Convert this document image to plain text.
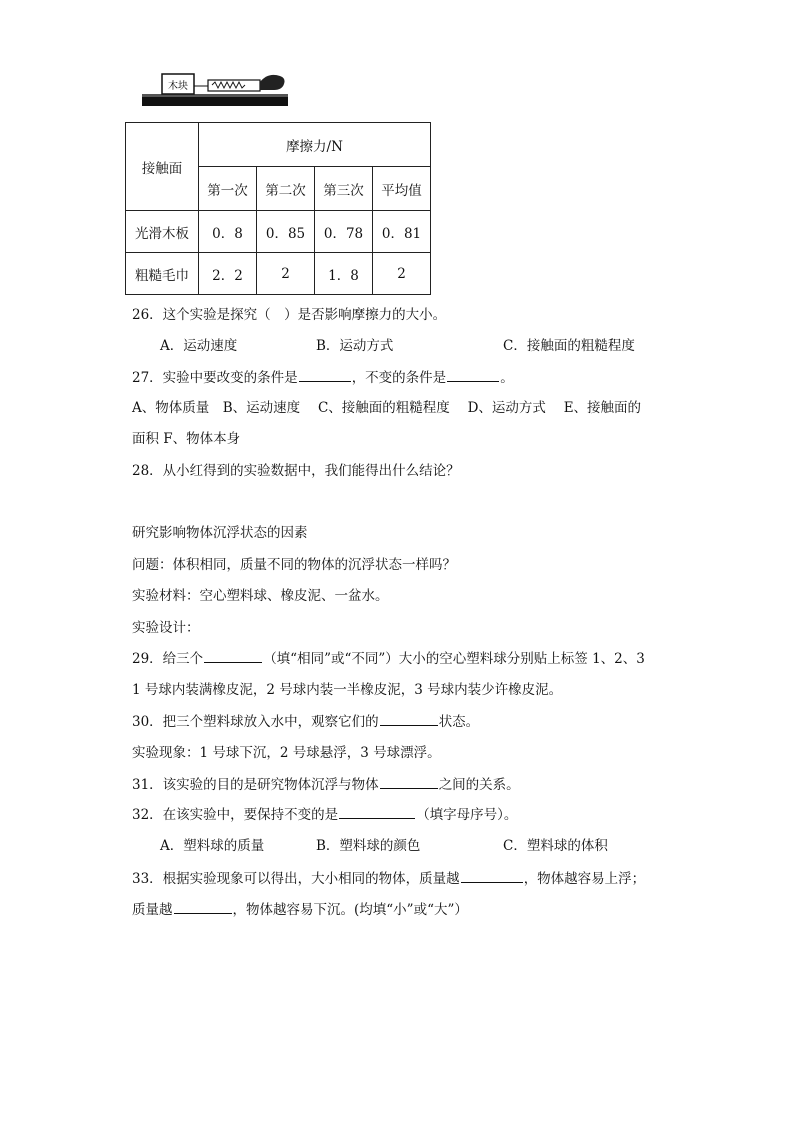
木块
接触面	摩擦力/N			
	第一次	第二次	第三次	平均值
光滑木板	0．8	0．85	0．78	0．81
粗糙毛巾	2．2	2	1．8	2
26．这个实验是探究（　）是否影响摩擦力的大小。
A．运动速度	B．运动方式	C．接触面的粗糙程度
27．实验中要改变的条件是	，不变的条件是	。
A、物体质量　B、运动速度　 C、接触面的粗糙程度　 D、运动方式　 E、接触面的
面积 F、物体本身
28．从小红得到的实验数据中，我们能得出什么结论？
研究影响物体沉浮状态的因素
问题：体积相同，质量不同的物体的沉浮状态一样吗？
实验材料：空心塑料球、橡皮泥、一盆水。
实验设计：
29．给三个	（填“相同”或“不同”）大小的空心塑料球分别贴上标签 1、2、3
1 号球内装满橡皮泥，2 号球内装一半橡皮泥，3 号球内装少许橡皮泥。
30．把三个塑料球放入水中，观察它们的	状态。
实验现象：1 号球下沉，2 号球悬浮，3 号球漂浮。
31．该实验的目的是研究物体沉浮与物体	之间的关系。
32．在该实验中，要保持不变的是	（填字母序号）。
A．塑料球的质量	B．塑料球的颜色	C．塑料球的体积
33．根据实验现象可以得出，大小相同的物体，质量越	，物体越容易上浮；
质量越	，物体越容易下沉。(均填“小”或“大”）
